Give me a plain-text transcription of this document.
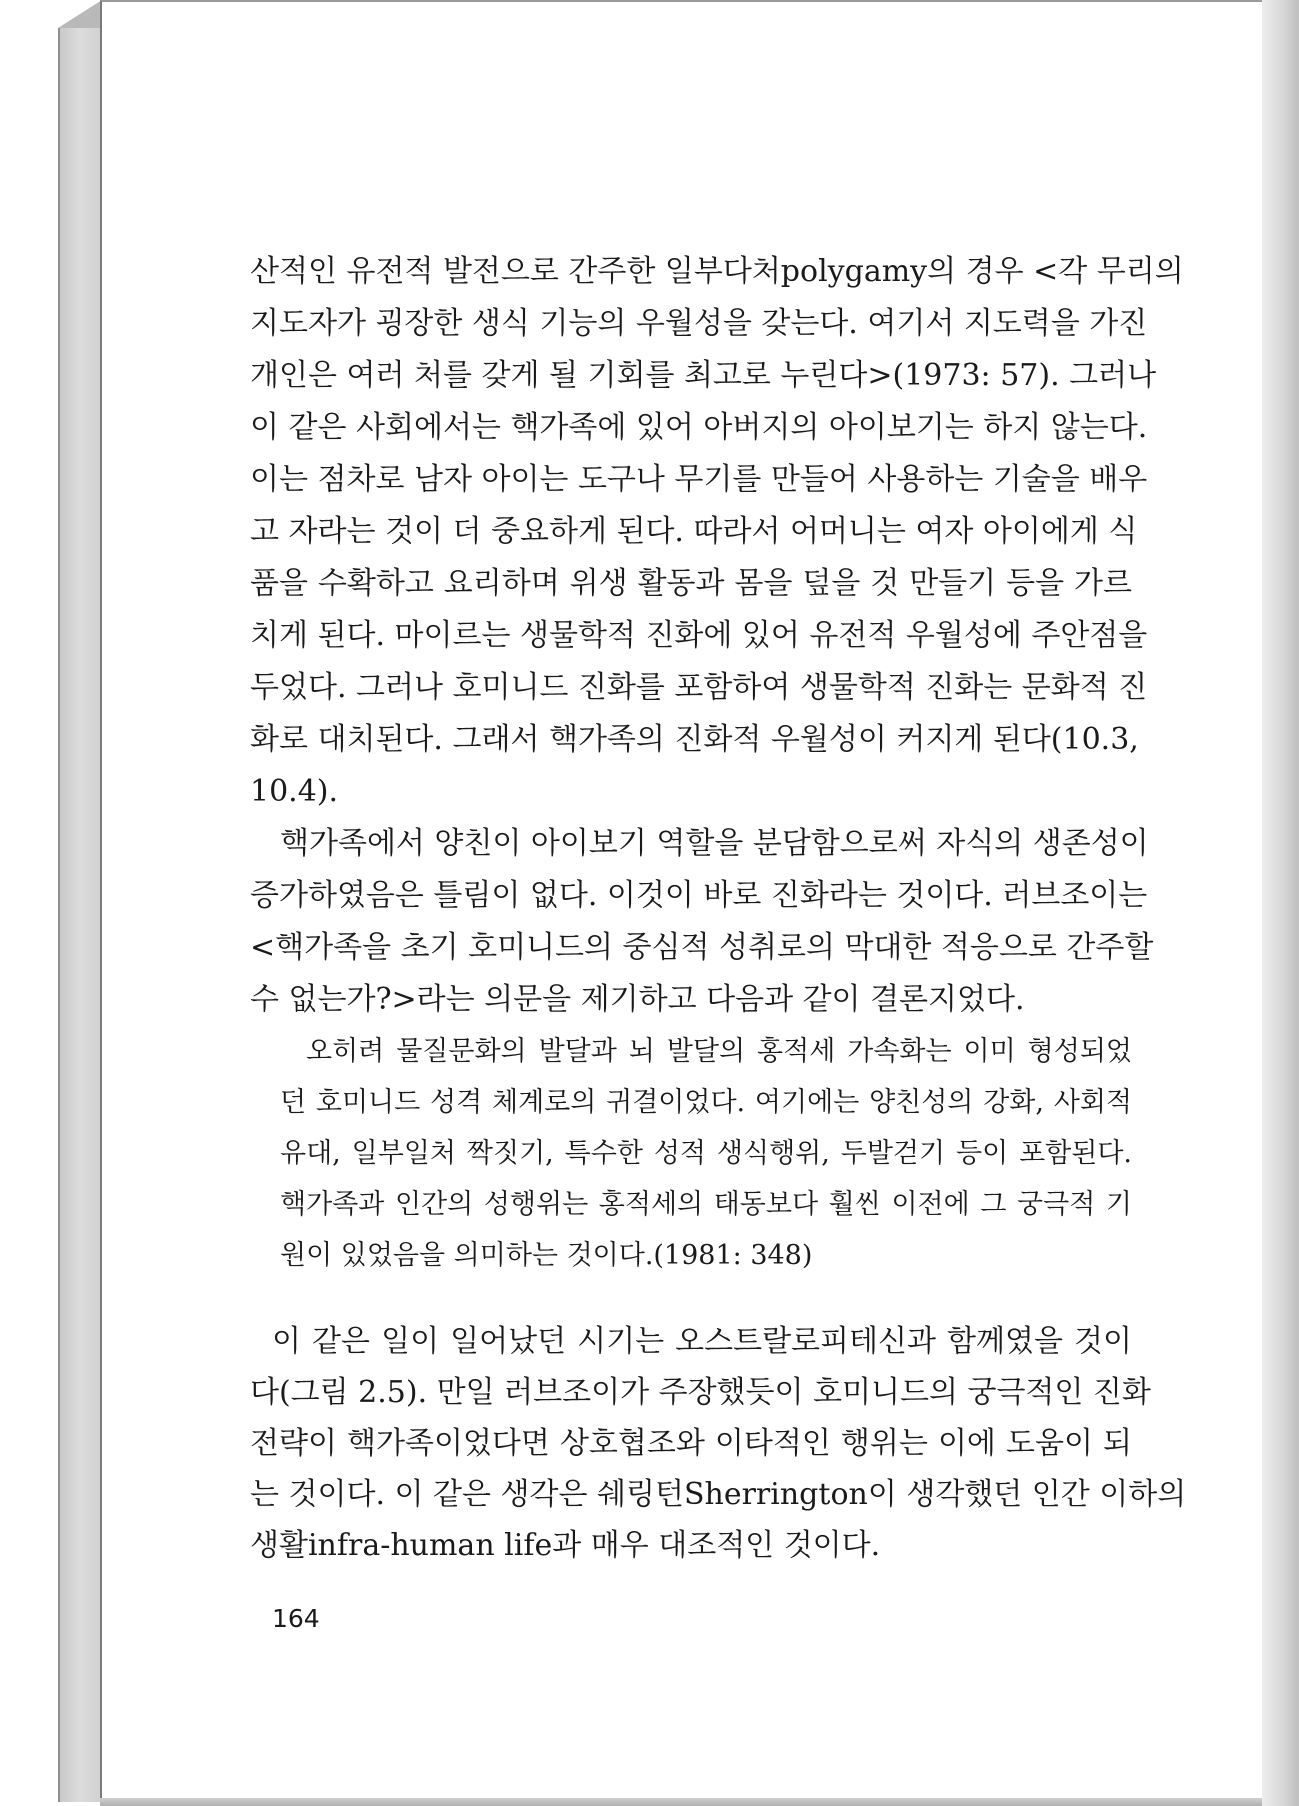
산적인 유전적 발전으로 간주한 일부다처polygamy의 경우 <각 무리의
지도자가 굉장한 생식 기능의 우월성을 갖는다. 여기서 지도력을 가진
개인은 여러 처를 갖게 될 기회를 최고로 누린다>(1973: 57). 그러나
이 같은 사회에서는 핵가족에 있어 아버지의 아이보기는 하지 않는다.
이는 점차로 남자 아이는 도구나 무기를 만들어 사용하는 기술을 배우
고 자라는 것이 더 중요하게 된다. 따라서 어머니는 여자 아이에게 식
품을 수확하고 요리하며 위생 활동과 몸을 덮을 것 만들기 등을 가르
치게 된다. 마이르는 생물학적 진화에 있어 유전적 우월성에 주안점을
두었다. 그러나 호미니드 진화를 포함하여 생물학적 진화는 문화적 진
화로 대치된다. 그래서 핵가족의 진화적 우월성이 커지게 된다(10.3,
10.4).
핵가족에서 양친이 아이보기 역할을 분담함으로써 자식의 생존성이
증가하였음은 틀림이 없다. 이것이 바로 진화라는 것이다. 러브조이는
<핵가족을 초기 호미니드의 중심적 성취로의 막대한 적응으로 간주할
수 없는가?>라는 의문을 제기하고 다음과 같이 결론지었다.
오히려 물질문화의 발달과 뇌 발달의 홍적세 가속화는 이미 형성되었
던 호미니드 성격 체계로의 귀결이었다. 여기에는 양친성의 강화, 사회적
유대, 일부일처 짝짓기, 특수한 성적 생식행위, 두발걷기 등이 포함된다.
핵가족과 인간의 성행위는 홍적세의 태동보다 훨씬 이전에 그 궁극적 기
원이 있었음을 의미하는 것이다.(1981: 348)
이 같은 일이 일어났던 시기는 오스트랄로피테신과 함께였을 것이
다(그림 2.5). 만일 러브조이가 주장했듯이 호미니드의 궁극적인 진화
전략이 핵가족이었다면 상호협조와 이타적인 행위는 이에 도움이 되
는 것이다. 이 같은 생각은 쉐링턴Sherrington이 생각했던 인간 이하의
생활infra-human life과 매우 대조적인 것이다.
164
